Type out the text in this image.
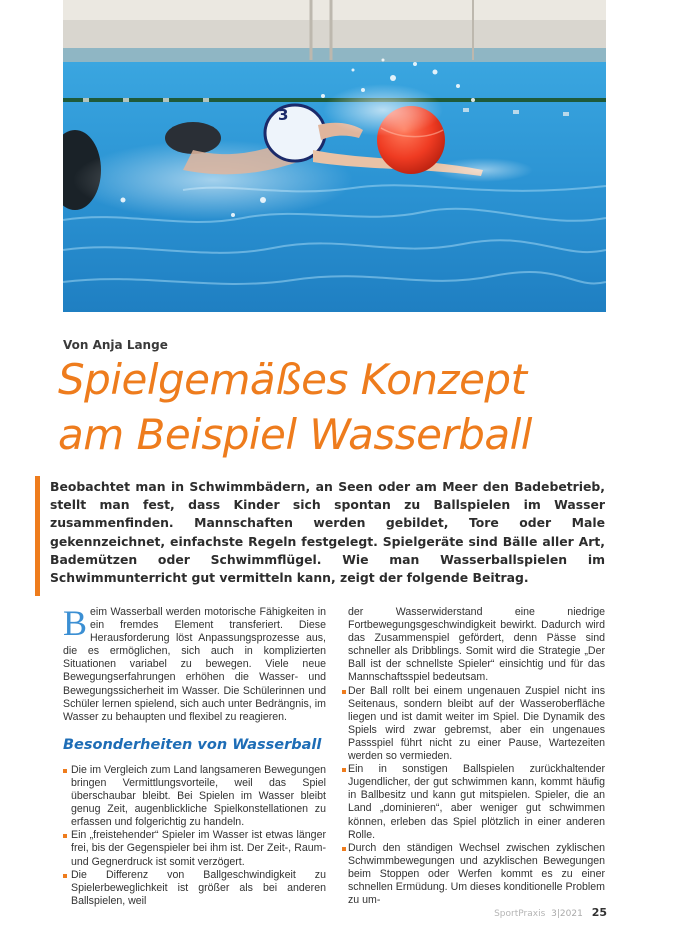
3
Von Anja Lange
Spielgemäßes Konzept
am Beispiel Wasserball

Beobachtet man in Schwimmbädern, an Seen oder am Meer den Badebetrieb, stellt man fest, dass Kinder sich spontan zu Ballspielen im Wasser zusammenfinden. Mannschaften werden gebildet, Tore oder Male gekennzeichnet, einfachste Regeln festgelegt. Spielgeräte sind Bälle aller Art, Bademützen oder Schwimmflügel. Wie man Wasserballspielen im Schwimmunterricht gut vermitteln kann, zeigt der folgende Beitrag.

Beim Wasserball werden motorische Fähigkeiten in ein fremdes Element transferiert. Diese Herausforderung löst Anpassungsprozesse aus, die es ermöglichen, sich auch in komplizierten Situationen variabel zu bewegen. Viele neue Bewegungserfahrungen erhöhen die Wasser- und Bewegungssicherheit im Wasser. Die Schülerinnen und Schüler lernen spielend, sich auch unter Bedrängnis, im Wasser zu behaupten und flexibel zu reagieren.

Besonderheiten von Wasserball
Die im Vergleich zum Land langsameren Bewegungen bringen Vermittlungsvorteile, weil das Spiel überschaubar bleibt. Bei Spielen im Wasser bleibt genug Zeit, augenblickliche Spielkonstellationen zu erfassen und folgerichtig zu handeln.
Ein „freistehender“ Spieler im Wasser ist etwas länger frei, bis der Gegenspieler bei ihm ist. Der Zeit-, Raum- und Gegnerdruck ist somit verzögert.
Die Differenz von Ballgeschwindigkeit zu Spielerbeweglichkeit ist größer als bei anderen Ballspielen, weil

der Wasserwiderstand eine niedrige Fortbewegungsgeschwindigkeit bewirkt. Dadurch wird das Zusammenspiel gefördert, denn Pässe sind schneller als Dribblings. Somit wird die Strategie „Der Ball ist der schnellste Spieler“ einsichtig und für das Mannschaftsspiel bedeutsam.

Der Ball rollt bei einem ungenauen Zuspiel nicht ins Seitenaus, sondern bleibt auf der Wasseroberfläche liegen und ist damit weiter im Spiel. Die Dynamik des Spiels wird zwar gebremst, aber ein ungenaues Passspiel führt nicht zu einer Pause, Wartezeiten werden so vermieden.
Ein in sonstigen Ballspielen zurückhaltender Jugendlicher, der gut schwimmen kann, kommt häufig in Ballbesitz und kann gut mitspielen. Spieler, die an Land „dominieren“, aber weniger gut schwimmen können, erleben das Spiel plötzlich in einer anderen Rolle.
Durch den ständigen Wechsel zwischen zyklischen Schwimmbewegungen und azyklischen Bewegungen beim Stoppen oder Werfen kommt es zu einer schnellen Ermüdung. Um dieses konditionelle Problem zu um-
SportPraxis 3|2021 25
